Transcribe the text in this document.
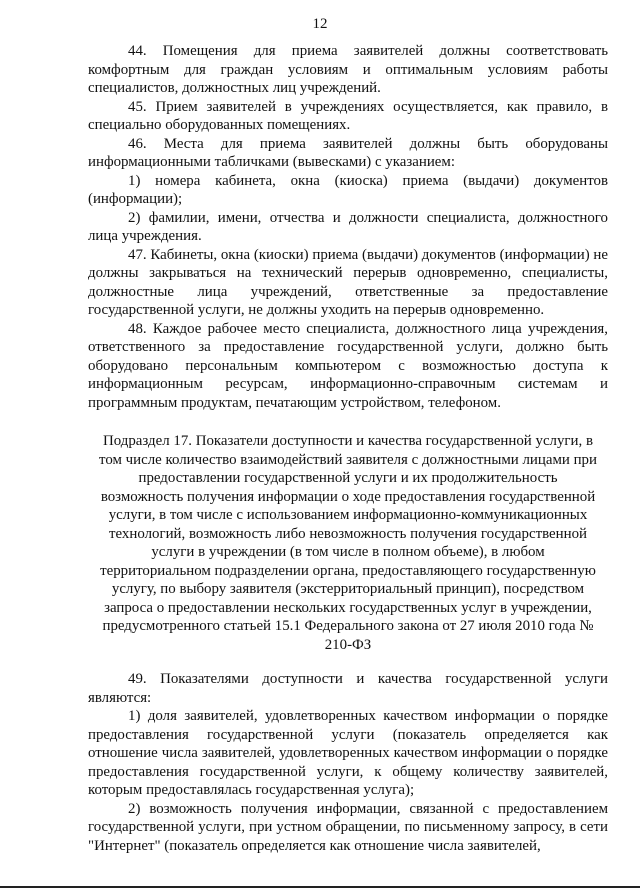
12

44. Помещения для приема заявителей должны соответствовать комфортным для граждан условиям и оптимальным условиям работы специалистов, должностных лиц учреждений.

45. Прием заявителей в учреждениях осуществляется, как правило, в специально оборудованных помещениях.

46. Места для приема заявителей должны быть оборудованы информационными табличками (вывесками) с указанием:

1) номера кабинета, окна (киоска) приема (выдачи) документов (информации);

2) фамилии, имени, отчества и должности специалиста, должностного лица учреждения.

47. Кабинеты, окна (киоски) приема (выдачи) документов (информации) не должны закрываться на технический перерыв одновременно, специалисты, должностные лица учреждений, ответственные за предоставление государственной услуги, не должны уходить на перерыв одновременно.

48. Каждое рабочее место специалиста, должностного лица учреждения, ответственного за предоставление государственной услуги, должно быть оборудовано персональным компьютером с возможностью доступа к информационным ресурсам, информационно-справочным системам и программным продуктам, печатающим устройством, телефоном.

Подраздел 17. Показатели доступности и качества государственной услуги, в том числе количество взаимодействий заявителя с должностными лицами при предоставлении государственной услуги и их продолжительность возможность получения информации о ходе предоставления государственной услуги, в том числе с использованием информационно-коммуникационных технологий, возможность либо невозможность получения государственной услуги в учреждении (в том числе в полном объеме), в любом территориальном подразделении органа, предоставляющего государственную услугу, по выбору заявителя (экстерриториальный принцип), посредством запроса о предоставлении нескольких государственных услуг в учреждении, предусмотренного статьей 15.1 Федерального закона от 27 июля 2010 года № 210-ФЗ

49. Показателями доступности и качества государственной услуги являются:

1) доля заявителей, удовлетворенных качеством информации о порядке предоставления государственной услуги (показатель определяется как отношение числа заявителей, удовлетворенных качеством информации о порядке предоставления государственной услуги, к общему количеству заявителей, которым предоставлялась государственная услуга);

2) возможность получения информации, связанной с предоставлением государственной услуги, при устном обращении, по письменному запросу, в сети "Интернет" (показатель определяется как отношение числа заявителей,
